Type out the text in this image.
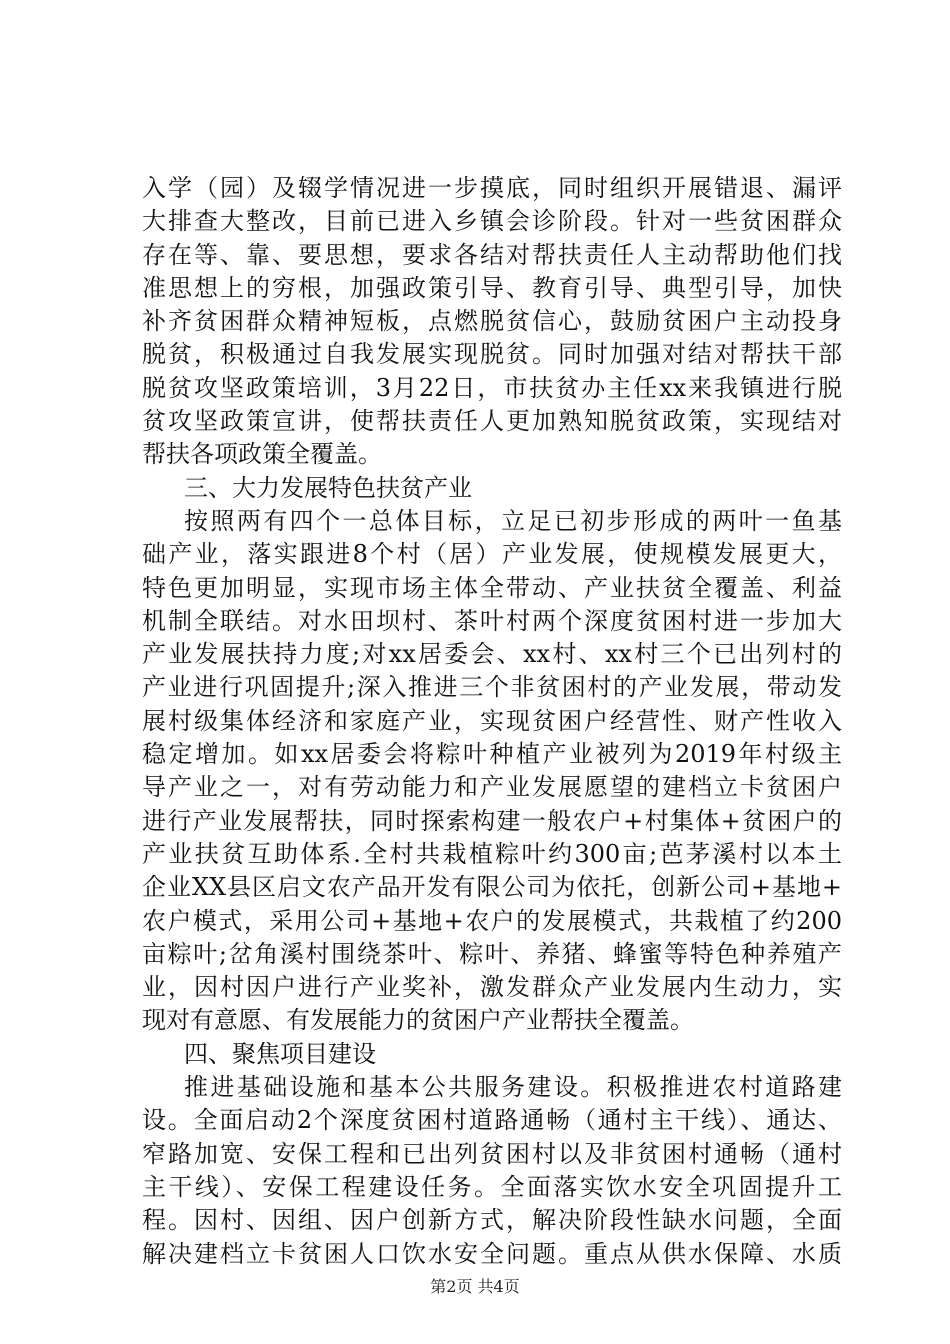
入学（园）及辍学情况进一步摸底，同时组织开展错退、漏评
大排查大整改，目前已进入乡镇会诊阶段。针对一些贫困群众
存在等、靠、要思想，要求各结对帮扶责任人主动帮助他们找
准思想上的穷根，加强政策引导、教育引导、典型引导，加快
补齐贫困群众精神短板，点燃脱贫信心，鼓励贫困户主动投身
脱贫，积极通过自我发展实现脱贫。同时加强对结对帮扶干部
脱贫攻坚政策培训，3月22日，市扶贫办主任xx来我镇进行脱
贫攻坚政策宣讲，使帮扶责任人更加熟知脱贫政策，实现结对
帮扶各项政策全覆盖。
三、大力发展特色扶贫产业
按照两有四个一总体目标，立足已初步形成的两叶一鱼基
础产业，落实跟进8个村（居）产业发展，使规模发展更大，
特色更加明显，实现市场主体全带动、产业扶贫全覆盖、利益
机制全联结。对水田坝村、茶叶村两个深度贫困村进一步加大
产业发展扶持力度;对xx居委会、xx村、xx村三个已出列村的
产业进行巩固提升;深入推进三个非贫困村的产业发展，带动发
展村级集体经济和家庭产业，实现贫困户经营性、财产性收入
稳定增加。如xx居委会将粽叶种植产业被列为2019年村级主
导产业之一，对有劳动能力和产业发展愿望的建档立卡贫困户
进行产业发展帮扶，同时探索构建一般农户+村集体+贫困户的
产业扶贫互助体系.全村共栽植粽叶约300亩;芭茅溪村以本土
企业XX县区启文农产品开发有限公司为依托，创新公司+基地+
农户模式，采用公司+基地+农户的发展模式，共栽植了约200
亩粽叶;岔角溪村围绕茶叶、粽叶、养猪、蜂蜜等特色种养殖产
业，因村因户进行产业奖补，激发群众产业发展内生动力，实
现对有意愿、有发展能力的贫困户产业帮扶全覆盖。
四、聚焦项目建设
推进基础设施和基本公共服务建设。积极推进农村道路建
设。全面启动2个深度贫困村道路通畅（通村主干线）、通达、
窄路加宽、安保工程和已出列贫困村以及非贫困村通畅（通村
主干线）、安保工程建设任务。全面落实饮水安全巩固提升工
程。因村、因组、因户创新方式，解决阶段性缺水问题，全面
解决建档立卡贫困人口饮水安全问题。重点从供水保障、水质
第2页 共4页
